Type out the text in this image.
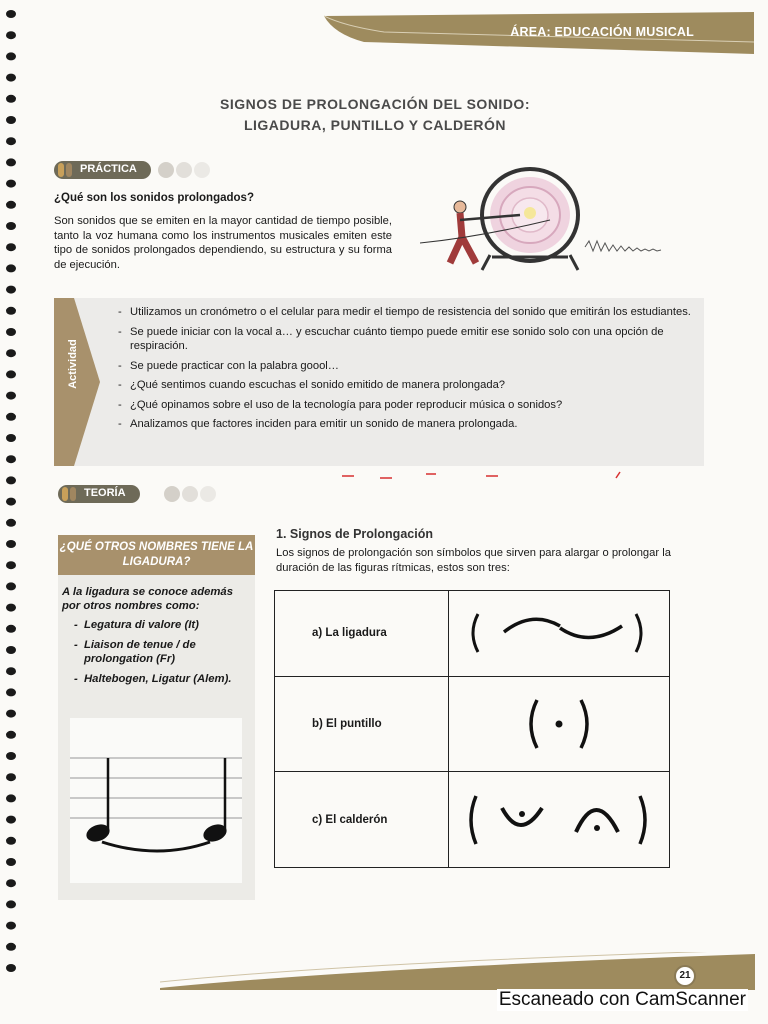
ÁREA: EDUCACIÓN MUSICAL
SIGNOS DE PROLONGACIÓN DEL SONIDO:
LIGADURA, PUNTILLO Y CALDERÓN
PRÁCTICA
¿Qué son los sonidos prolongados?
Son sonidos que se emiten en la mayor cantidad de tiempo posible, tanto la voz humana como los instrumentos musicales emiten este tipo de sonidos prolongados dependiendo, su estructura y su forma de ejecución.
Actividad
- Utilizamos un cronómetro o el celular para medir el tiempo de resistencia del sonido que emitirán los estudiantes.
- Se puede iniciar con la vocal a… y escuchar cuánto tiempo puede emitir ese sonido solo con una opción de respiración.
- Se puede practicar con la palabra goool…
- ¿Qué sentimos cuando escuchas el sonido emitido de manera prolongada?
- ¿Qué opinamos sobre el uso de la tecnología para poder reproducir música o sonidos?
- Analizamos que factores inciden para emitir un sonido de manera prolongada.
TEORÍA
¿QUÉ OTROS NOMBRES TIENE LA LIGADURA?
A la ligadura se conoce además por otros nombres como:
- Legatura di valore (It)
- Liaison de tenue / de prolongation (Fr)
- Haltebogen, Ligatur (Alem).
1. Signos de Prolongación
Los signos de prolongación son símbolos que sirven para alargar o prolongar la duración de las figuras rítmicas, estos son tres:
a) La ligadura	

b) El puntillo	

c) El calderón	
21
Escaneado con CamScanner
